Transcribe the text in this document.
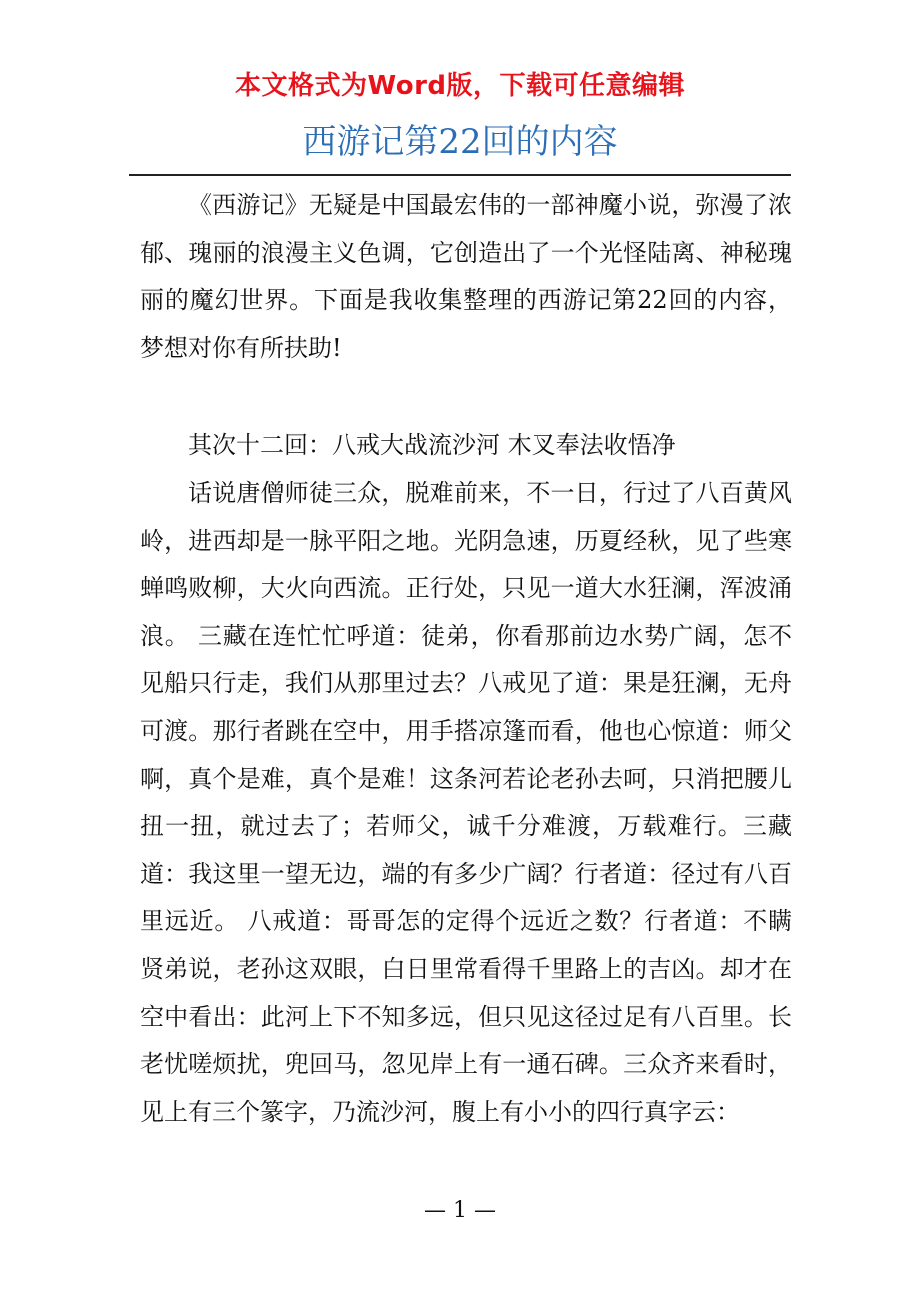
本文格式为Word版，下载可任意编辑
西游记第22回的内容

《西游记》无疑是中国最宏伟的一部神魔小说，弥漫了浓郁、瑰丽的浪漫主义色调，它创造出了一个光怪陆离、神秘瑰丽的魔幻世界。下面是我收集整理的西游记第22回的内容，梦想对你有所扶助!

其次十二回：八戒大战流沙河 木叉奉法收悟净

话说唐僧师徒三众，脱难前来，不一日，行过了八百黄风岭，进西却是一脉平阳之地。光阴急速，历夏经秋，见了些寒蝉鸣败柳，大火向西流。正行处，只见一道大水狂澜，浑波涌浪。 三藏在连忙忙呼道：徒弟，你看那前边水势广阔，怎不见船只行走，我们从那里过去？八戒见了道：果是狂澜，无舟可渡。那行者跳在空中，用手搭凉篷而看，他也心惊道：师父啊，真个是难，真个是难！这条河若论老孙去呵，只消把腰儿扭一扭，就过去了；若师父，诚千分难渡，万载难行。三藏道：我这里一望无边，端的有多少广阔？行者道：径过有八百里远近。 八戒道：哥哥怎的定得个远近之数？行者道：不瞒贤弟说，老孙这双眼，白日里常看得千里路上的吉凶。却才在空中看出：此河上下不知多远，但只见这径过足有八百里。长老忧嗟烦扰，兜回马，忽见岸上有一通石碑。三众齐来看时，见上有三个篆字，乃流沙河，腹上有小小的四行真字云：

— 1 —
